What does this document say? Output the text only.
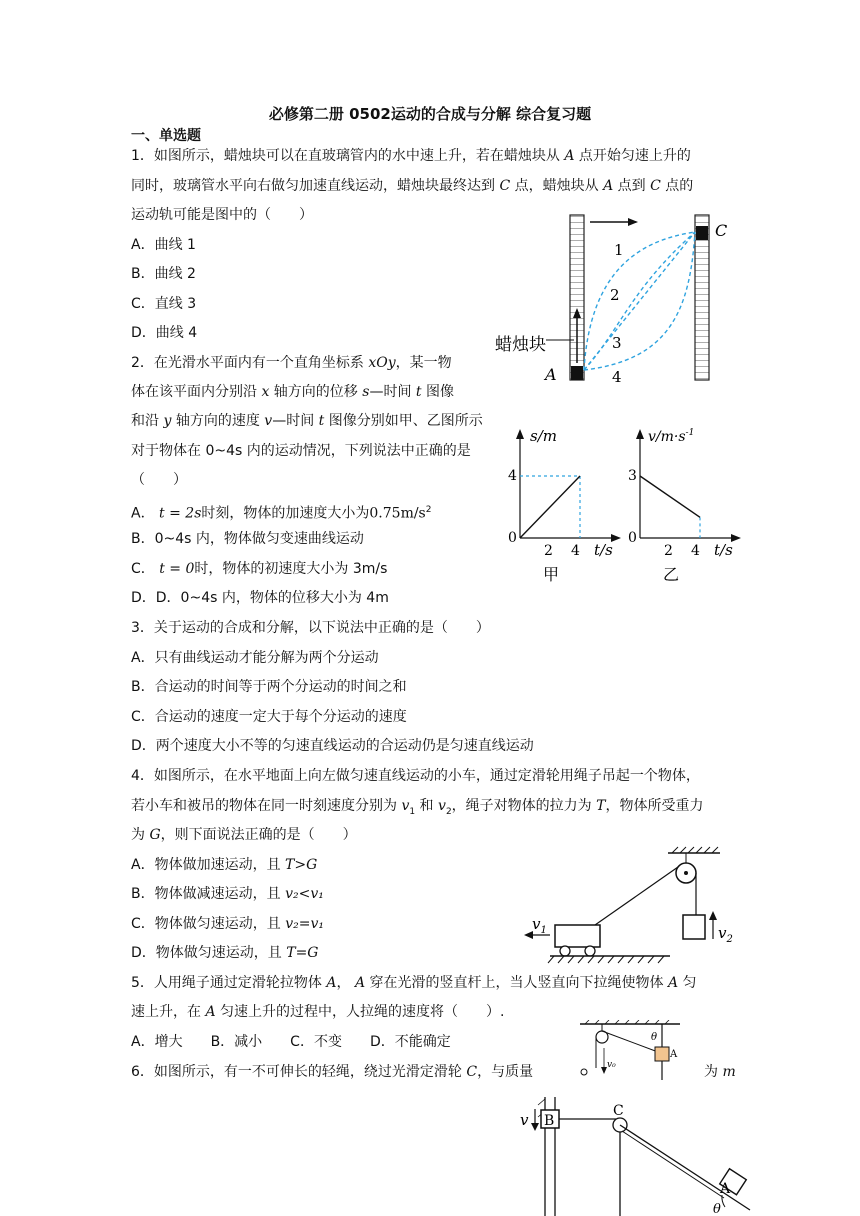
必修第二册 0502运动的合成与分解 综合复习题
一、单选题
1．如图所示，蜡烛块可以在直玻璃管内的水中速上升，若在蜡烛块从 A 点开始匀速上升的
同时，玻璃管水平向右做匀加速直线运动，蜡烛块最终达到 C 点，蜡烛块从 A 点到 C 点的
运动轨可能是图中的（　　）
A．曲线 1
B．曲线 2
C．直线 3
D．曲线 4
1
2
3
4
C
A
蜡烛块
2．在光滑水平面内有一个直角坐标系 xOy，某一物
体在该平面内分别沿 x 轴方向的位移 s—时间 t 图像
和沿 y 轴方向的速度 v—时间 t 图像分别如甲、乙图所示
对于物体在 0~4s 内的运动情况，下列说法中正确的是
（　　）
A． t = 2s时刻，物体的加速度大小为$0.75m/s^2$
B．0~4s 内，物体做匀变速曲线运动
C． t = 0时，物体的初速度大小为 3m/s
D．D．0~4s 内，物体的位移大小为 4m
s/m
4
0
2 4 t/s
甲
$v/m\cdot s^{-1}$
3
0
2 4 t/s
乙
3．关于运动的合成和分解，以下说法中正确的是（　　）
A．只有曲线运动才能分解为两个分运动
B．合运动的时间等于两个分运动的时间之和
C．合运动的速度一定大于每个分运动的速度
D．两个速度大小不等的匀速直线运动的合运动仍是匀速直线运动
4．如图所示，在水平地面上向左做匀速直线运动的小车，通过定滑轮用绳子吊起一个物体，
若小车和被吊的物体在同一时刻速度分别为 $v_1$ 和 $v_2$，绳子对物体的拉力为 T，物体所受重力
为 G，则下面说法正确的是（　　）
A．物体做加速运动，且 T>G
B．物体做减速运动，且 v₂<v₁
C．物体做匀速运动，且 v₂=v₁
D．物体做匀速运动，且 T=G
$v_2$
$v_1$
5．人用绳子通过定滑轮拉物体 A， A 穿在光滑的竖直杆上，当人竖直向下拉绳使物体 A 匀
速上升，在 A 匀速上升的过程中，人拉绳的速度将（　　）.
A．增大　　B．减小　　C．不变　　D．不能确定
v₀
A
θ
6．如图所示，有一不可伸长的轻绳，绕过光滑定滑轮 C，与质量	为 m
B
v	C
A
θ
